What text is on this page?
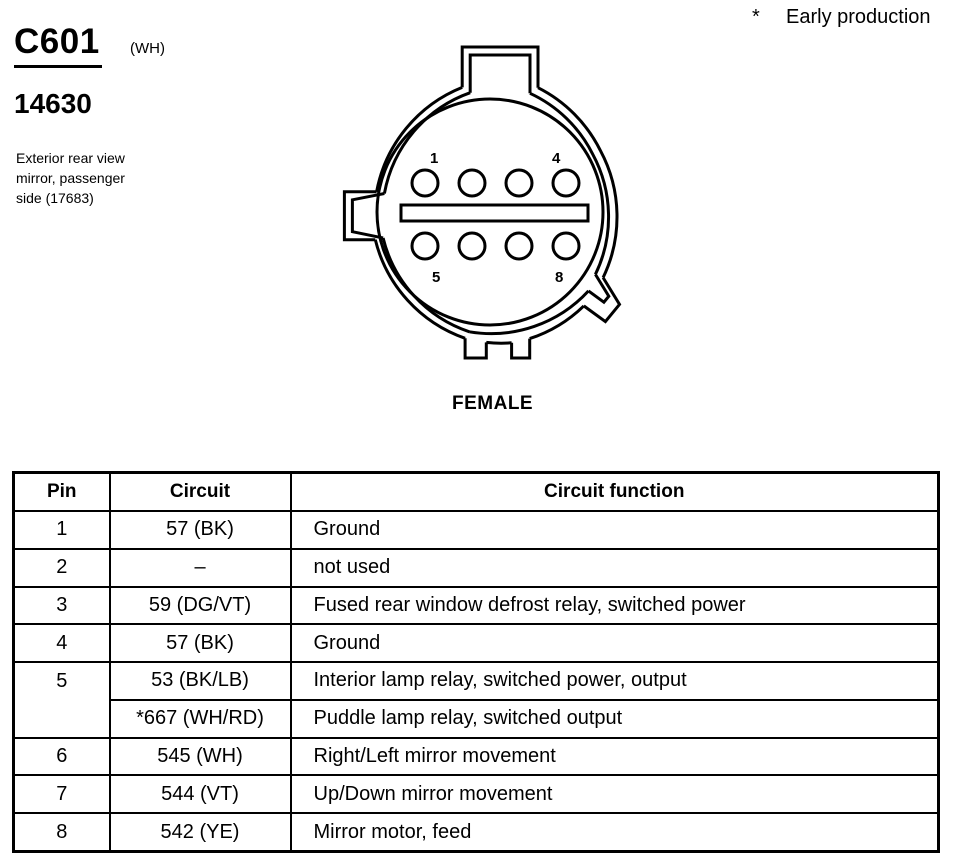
* Early production
C601 (WH)
14630
Exterior rear view
mirror, passenger
side (17683)
1	4
5	8
FEMALE
Pin	Circuit	Circuit function
1	57 (BK)	Ground
2	–	not used
3	59 (DG/VT)	Fused rear window defrost relay, switched power
4	57 (BK)	Ground
5	53 (BK/LB)	Interior lamp relay, switched power, output
	*667 (WH/RD)	Puddle lamp relay, switched output
6	545 (WH)	Right/Left mirror movement
7	544 (VT)	Up/Down mirror movement
8	542 (YE)	Mirror motor, feed
